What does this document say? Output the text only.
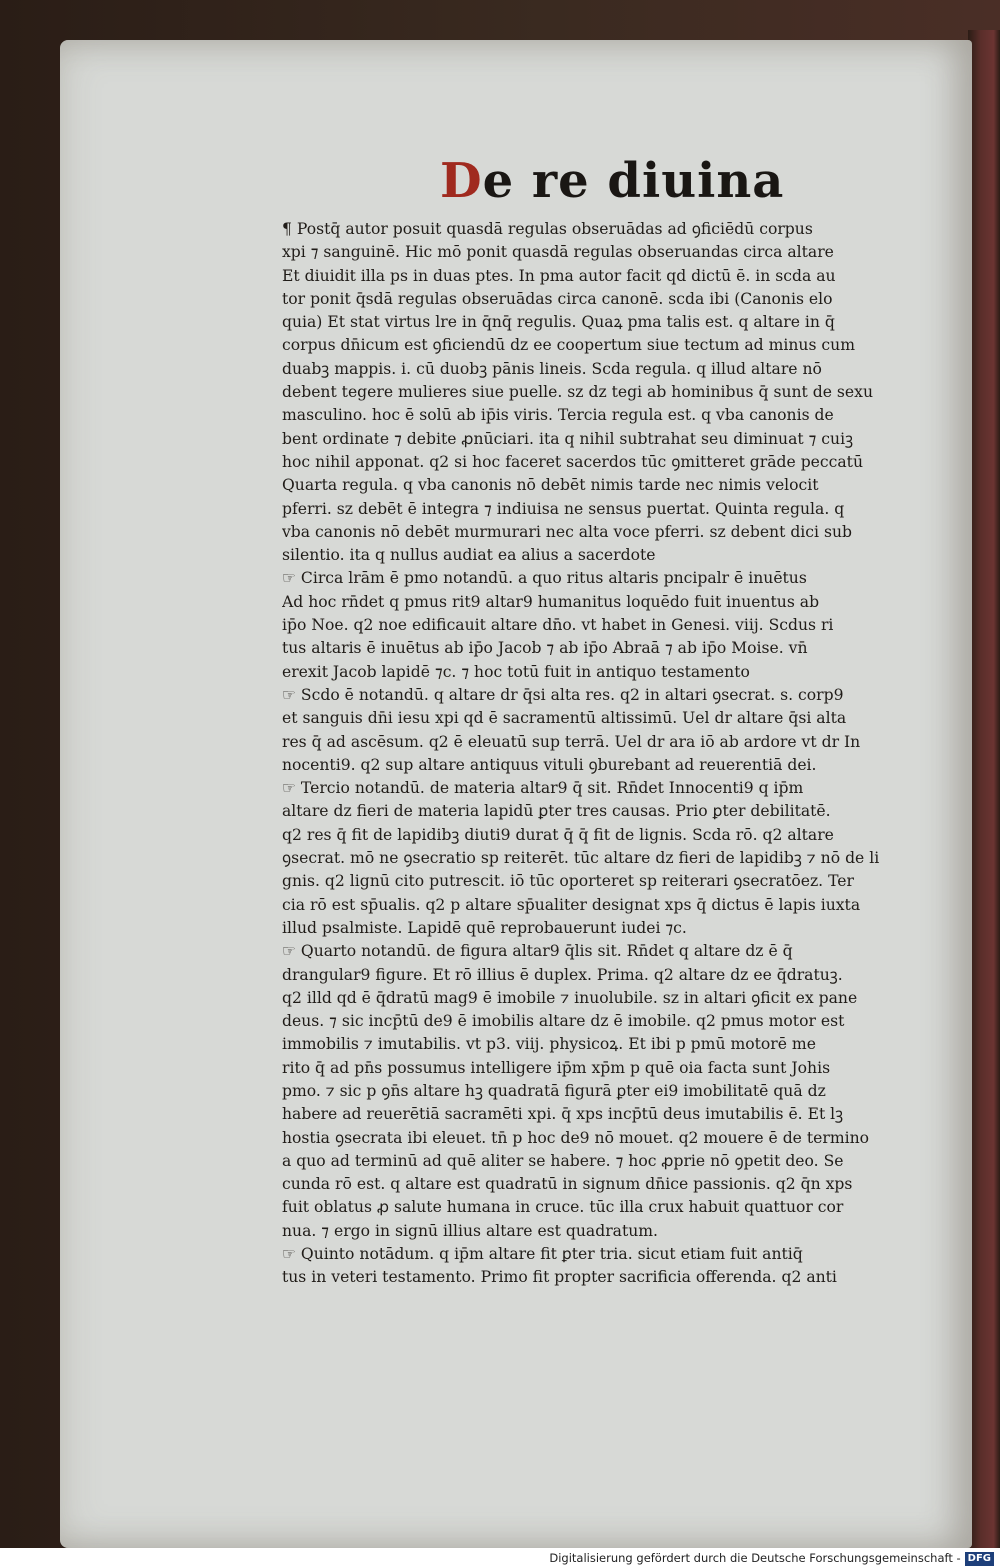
De re diuina
¶ Postq̄ autor posuit quasdā regulas obseruādas ad ꝯficiēdū corpus
xpi ⁊ sanguinē. Hic mō ponit quasdā regulas obseruandas circa altare
Et diuidit illa ps in duas ptes. In pma autor facit qd dictū ē. in scda au
tor ponit q̄sdā regulas obseruādas circa canonē. scda ibi (Canonis elo
quia) Et stat virtus lre in q̄nq̄ regulis. Quaꝝ pma talis est. q altare in q̄
corpus dn̄icum est ꝯficiendū dz ee coopertum siue tectum ad minus cum
duabꝫ mappis. i. cū duobꝫ pānis lineis. Scda regula. q illud altare nō
debent tegere mulieres siue puelle. sz dz tegi ab hominibus q̄ sunt de sexu
masculino. hoc ē solū ab ip̄is viris. Tercia regula est. q vba canonis de
bent ordinate ⁊ debite ꝓnūciari. ita q nihil subtrahat seu diminuat ⁊ cuiꝫ
hoc nihil apponat. q2 si hoc faceret sacerdos tūc ꝯmitteret grāde peccatū
Quarta regula. q vba canonis nō debēt nimis tarde nec nimis velocit
pferri. sz debēt ē integra ⁊ indiuisa ne sensus puertat. Quinta regula. q
vba canonis nō debēt murmurari nec alta voce pferri. sz debent dici sub
silentio. ita q nullus audiat ea alius a sacerdote
☞ Circa lrām ē pmo notandū. a quo ritus altaris pncipalr ē inuētus
Ad hoc rn̄det q pmus rit9 altar9 humanitus loquēdo fuit inuentus ab
ip̄o Noe. q2 noe edificauit altare dn̄o. vt habet in Genesi. viij. Scdus ri
tus altaris ē inuētus ab ip̄o Jacob ⁊ ab ip̄o Abraā ⁊ ab ip̄o Moise. vn̄
erexit Jacob lapidē ⁊c. ⁊ hoc totū fuit in antiquo testamento
☞ Scdo ē notandū. q altare dr q̄si alta res. q2 in altari ꝯsecrat. s. corp9
et sanguis dn̄i iesu xpi qd ē sacramentū altissimū. Uel dr altare q̄si alta
res q̄ ad ascēsum. q2 ē eleuatū sup terrā. Uel dr ara iō ab ardore vt dr In
nocenti9. q2 sup altare antiquus vituli ꝯburebant ad reuerentiā dei.
☞ Tercio notandū. de materia altar9 q̄ sit. Rn̄det Innocenti9 q ip̄m
altare dz fieri de materia lapidū ꝑter tres causas. Prio ꝑter debilitatē.
q2 res q̄ fit de lapidibꝫ diuti9 durat q̄ q̄ fit de lignis. Scda rō. q2 altare
ꝯsecrat. mō ne ꝯsecratio sp reiterēt. tūc altare dz fieri de lapidibꝫ ⁊ nō de li
gnis. q2 lignū cito putrescit. iō tūc oporteret sp reiterari ꝯsecratōez. Ter
cia rō est sp̄ualis. q2 p altare sp̄ualiter designat xps q̄ dictus ē lapis iuxta
illud psalmiste. Lapidē quē reprobauerunt iudei ⁊c.
☞ Quarto notandū. de figura altar9 q̄lis sit. Rn̄det q altare dz ē q̄
drangular9 figure. Et rō illius ē duplex. Prima. q2 altare dz ee q̄dratuꝫ.
q2 illd qd ē q̄dratū mag9 ē imobile ⁊ inuolubile. sz in altari ꝯficit ex pane
deus. ⁊ sic incp̄tū de9 ē imobilis altare dz ē imobile. q2 pmus motor est
immobilis ⁊ imutabilis. vt p3. viij. physicoꝝ. Et ibi p pmū motorē me
rito q̄ ad pn̄s possumus intelligere ip̄m xp̄m p quē oia facta sunt Johis
pmo. ⁊ sic p ꝯn̄s altare hꝫ quadratā figurā ꝑter ei9 imobilitatē quā dz
habere ad reuerētiā sacramēti xpi. q̄ xps incp̄tū deus imutabilis ē. Et lꝫ
hostia ꝯsecrata ibi eleuet. tn̄ p hoc de9 nō mouet. q2 mouere ē de termino
a quo ad terminū ad quē aliter se habere. ⁊ hoc ꝓprie nō ꝯpetit deo. Se
cunda rō est. q altare est quadratū in signum dn̄ice passionis. q2 q̄n xps
fuit oblatus ꝓ salute humana in cruce. tūc illa crux habuit quattuor cor
nua. ⁊ ergo in signū illius altare est quadratum.
☞ Quinto notādum. q ip̄m altare fit ꝑter tria. sicut etiam fuit antiq̄
tus in veteri testamento. Primo fit propter sacrificia offerenda. q2 anti
Digitalisierung gefördert durch die Deutsche Forschungsgemeinschaft - DFG
